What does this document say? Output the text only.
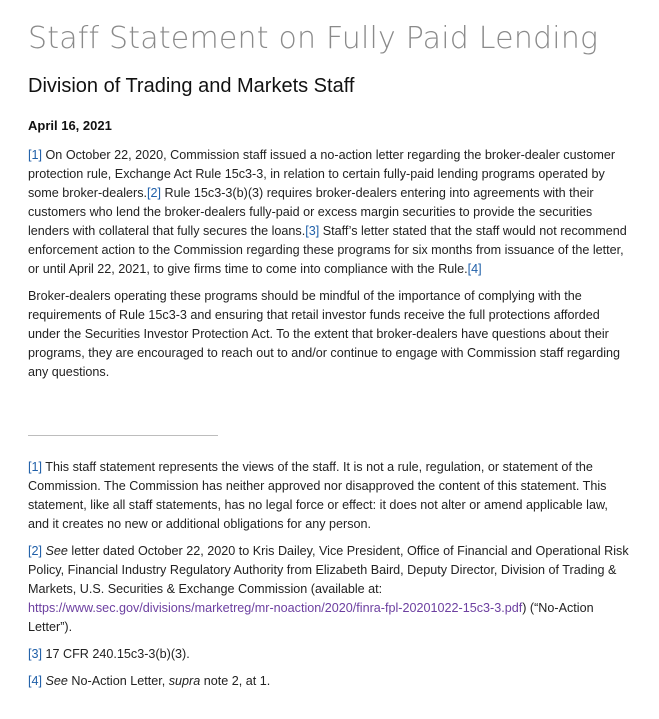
Staff Statement on Fully Paid Lending
Division of Trading and Markets Staff
April 16, 2021

[1] On October 22, 2020, Commission staff issued a no-action letter regarding the broker-dealer customer protection rule, Exchange Act Rule 15c3-3, in relation to certain fully-paid lending programs operated by some broker-dealers.[2] Rule 15c3-3(b)(3) requires broker-dealers entering into agreements with their customers who lend the broker-dealers fully-paid or excess margin securities to provide the securities lenders with collateral that fully secures the loans.[3] Staff’s letter stated that the staff would not recommend enforcement action to the Commission regarding these programs for six months from issuance of the letter, or until April 22, 2021, to give firms time to come into compliance with the Rule.[4]

Broker-dealers operating these programs should be mindful of the importance of complying with the requirements of Rule 15c3-3 and ensuring that retail investor funds receive the full protections afforded under the Securities Investor Protection Act. To the extent that broker-dealers have questions about their programs, they are encouraged to reach out to and/or continue to engage with Commission staff regarding any questions.

[1] This staff statement represents the views of the staff. It is not a rule, regulation, or statement of the Commission. The Commission has neither approved nor disapproved the content of this statement. This statement, like all staff statements, has no legal force or effect: it does not alter or amend applicable law, and it creates no new or additional obligations for any person.

[2] See letter dated October 22, 2020 to Kris Dailey, Vice President, Office of Financial and Operational Risk Policy, Financial Industry Regulatory Authority from Elizabeth Baird, Deputy Director, Division of Trading & Markets, U.S. Securities & Exchange Commission (available at: https://www.sec.gov/divisions/marketreg/mr-noaction/2020/finra-fpl-20201022-15c3-3.pdf) (“No-Action Letter”).

[3] 17 CFR 240.15c3-3(b)(3).

[4] See No-Action Letter, supra note 2, at 1.
